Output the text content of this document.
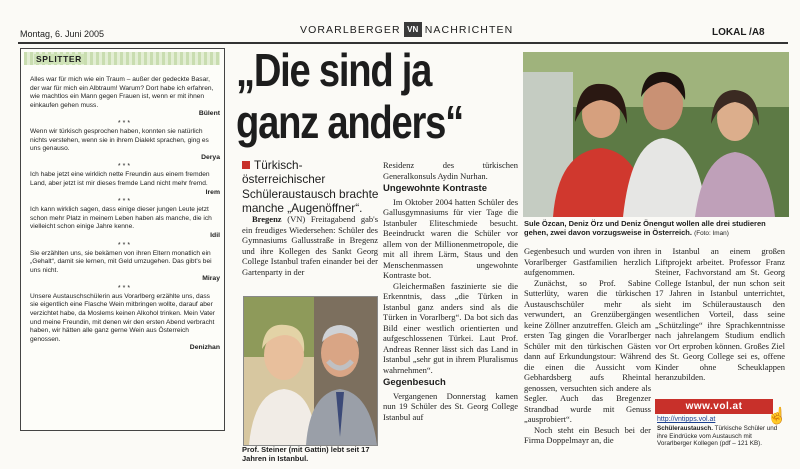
Montag, 6. Juni 2005	VORARLBERGER VN NACHRICHTEN	LOKAL /A8
SPLITTER
Alles war für mich wie ein Traum – außer der gedeckte Basar, der war für mich ein Albtraum! Warum? Dort habe ich erfahren, wie machtlos ein Mann gegen Frauen ist, wenn er mit ihnen einkaufen gehen muss.
Bülent
***
Wenn wir türkisch gesprochen haben, konnten sie natürlich nichts verstehen, wenn sie in ihrem Dialekt sprachen, ging es uns genauso.
Derya
***
Ich habe jetzt eine wirklich nette Freundin aus einem fremden Land, aber jetzt ist mir dieses fremde Land nicht mehr fremd.
Irem
***
Ich kann wirklich sagen, dass einige dieser jungen Leute jetzt schon mehr Platz in meinem Leben haben als manche, die ich vielleicht schon einige Jahre kenne.
Idil
***
Sie erzählten uns, sie bekämen von ihren Eltern monatlich ein „Gehalt“, damit sie lernen, mit Geld umzugehen. Das gibt's bei uns nicht.
Miray
***
Unsere Austauschschülerin aus Vorarlberg erzählte uns, dass sie eigentlich eine Flasche Wein mitbringen wollte, darauf aber verzichtet habe, da Moslems keinen Alkohol trinken. Mein Vater und meine Freundin, mit denen wir den ersten Abend verbracht haben, wir hätten alle ganz gerne Wein aus Österreich genossen.
Denizhan
„Die sind ja ganz anders“
Türkisch-österreichischer Schüleraustausch brachte manche „Augenöffner“.

Bregenz (VN) Freitagabend gab's ein freudiges Wiedersehen: Schüler des Gymnasiums Gallusstraße in Bregenz und ihre Kollegen des Sankt Georg College Istanbul trafen einander bei der Gartenparty in der

Prof. Steiner (mit Gattin) lebt seit 17 Jahren in Istanbul.

Residenz des türkischen Generalkonsuls Aydin Nurhan.

Ungewohnte Kontraste

Im Oktober 2004 hatten Schüler des Gallusgymnasiums für vier Tage die Istanbuler Eliteschmiede besucht. Beeindruckt waren die Schüler vor allem von der Millionenmetropole, die mit all ihrem Lärm, Staus und den Menschenmassen ungewohnte Kontraste bot.

Gleichermaßen faszinierte sie die Erkenntnis, dass „die Türken in Istanbul ganz anders sind als die Türken in Vorarlberg“. Da bot sich das Bild einer westlich orientierten und aufgeschlossenen Türkei. Laut Prof. Andreas Renner lässt sich das Land in Istanbul „sehr gut in ihrem Pluralismus wahrnehmen“.

Gegenbesuch

Vergangenen Donnerstag kamen nun 19 Schüler des St. Georg College Istanbul auf

Sule Özcan, Deniz Örz und Deniz Önengut wollen alle drei studieren gehen, zwei davon vorzugsweise in Österreich. (Foto: Iman)

Gegenbesuch und wurden von ihren Vorarlberger Gastfamilien herzlich aufgenommen.

Zunächst, so Prof. Sabine Sutterlüty, waren die türkischen Austauschschüler mehr als verwundert, an Grenzübergängen keine Zöllner anzutreffen. Gleich am ersten Tag gingen die Vorarlberger Schüler mit den türkischen Gästen dann auf Erkundungstour: Während die einen die Aussicht vom Gebhardsberg aufs Rheintal genossen, versuchten sich andere als Segler. Auch das Bregenzer Strandbad wurde mit Genuss „ausprobiert“.

Noch steht ein Besuch bei der Firma Doppelmayr an, die

in Istanbul an einem großen Liftprojekt arbeitet. Professor Franz Steiner, Fachvorstand am St. Georg College Istanbul, der nun schon seit 17 Jahren in Istanbul unterrichtet, sieht im Schüleraustausch den wesentlichen Vorteil, dass seine „Schützlinge“ ihre Sprachkenntnisse nach jahrelangem Studium endlich vor Ort erproben können. Großes Ziel des St. Georg College sei es, offene Kinder ohne Scheuklappen heranzubilden.

www.vol.at	☝
http://vntipps.vol.at
Schüleraustausch. Türkische Schüler und ihre Eindrücke vom Austausch mit Vorarlberger Kollegen (pdf – 121 KB).
